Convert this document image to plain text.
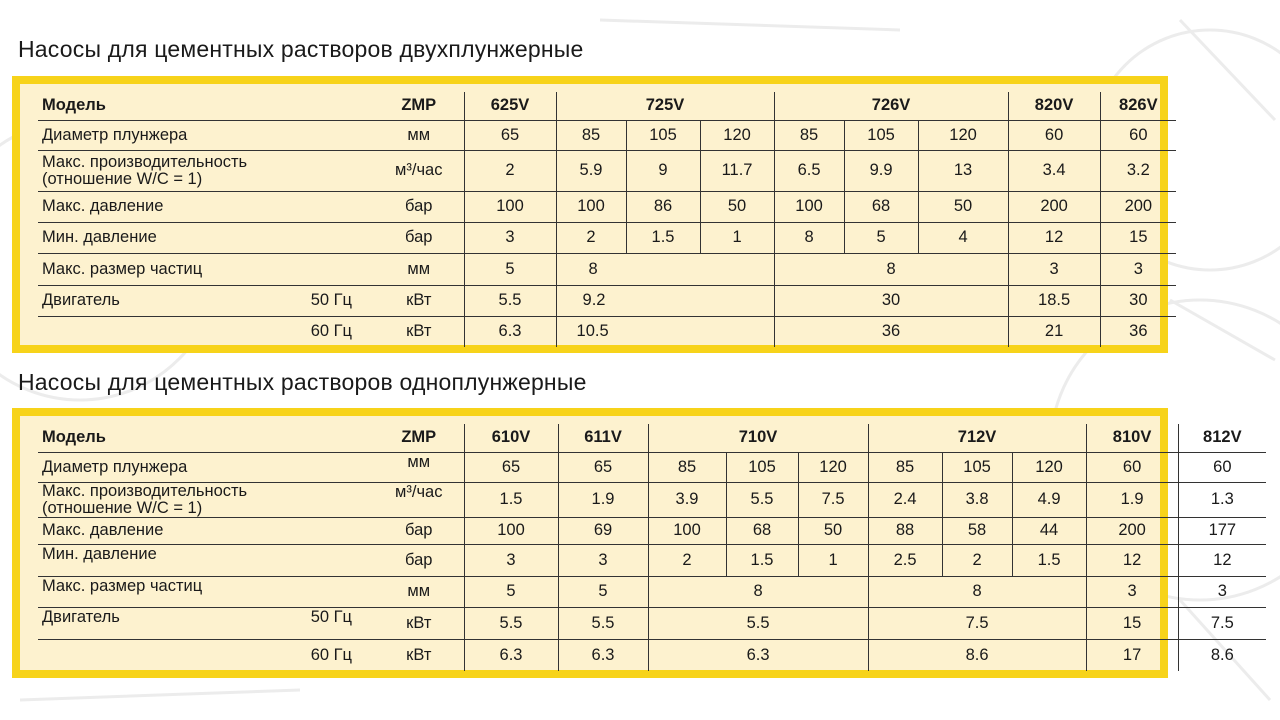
Насосы для цементных растворов двухплунжерные
Модель		ZMP	625V	725V			726V			820V	826V
Диаметр плунжера		мм	65	85	105	120	85	105	120	60	60

Макс. производительность
(отношение W/C = 1)		м³/час	2	5.9	9	11.7	6.5	9.9	13	3.4	3.2
Макс. давление		бар	100	100	86	50	100	68	50	200	200
Мин. давление		бар	3	2	1.5	1	8	5	4	12	15
Макс. размер частиц		мм	5	8			8			3	3
Двигатель	50 Гц	кВт	5.5	9.2			30			18.5	30
	60 Гц	кВт	6.3	10.5			36			21	36
Насосы для цементных растворов одноплунжерные
Модель		ZMP	610V	611V	710V			712V			810V	812V
Диаметр плунжера		мм	65	65	85	105	120	85	105	120	60	60

Макс. производительность
(отношение W/C = 1)		м³/час	1.5	1.9	3.9	5.5	7.5	2.4	3.8	4.9	1.9	1.3
Макс. давление		бар	100	69	100	68	50	88	58	44	200	177
Мин. давление		бар	3	3	2	1.5	1	2.5	2	1.5	12	12
Макс. размер частиц		мм	5	5	8			8			3	3
Двигатель	50 Гц	кВт	5.5	5.5	5.5			7.5			15	7.5
	60 Гц	кВт	6.3	6.3	6.3			8.6			17	8.6
